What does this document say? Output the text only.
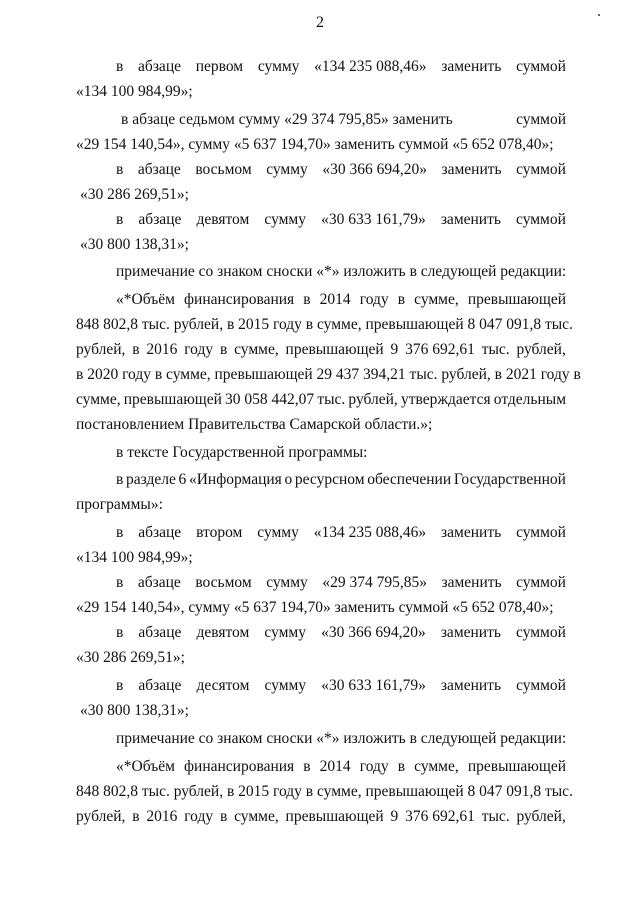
2
в абзаце первом сумму «134 235 088,46» заменить суммой
«134 100 984,99»;
в абзаце седьмом сумму «29 374 795,85» заменить	суммой
«29 154 140,54», сумму «5 637 194,70» заменить суммой «5 652 078,40»;
в абзаце восьмом сумму «30 366 694,20» заменить суммой
«30 286 269,51»;
в абзаце девятом сумму «30 633 161,79» заменить суммой
«30 800 138,31»;
примечание со знаком сноски «*» изложить в следующей редакции:
«*Объём финансирования в 2014 году в сумме, превышающей
848 802,8 тыс. рублей, в 2015 году в сумме, превышающей 8 047 091,8 тыс.
рублей, в 2016 году в сумме, превышающей 9 376 692,61 тыс. рублей,
в 2020 году в сумме, превышающей 29 437 394,21 тыс. рублей, в 2021 году в
сумме, превышающей 30 058 442,07 тыс. рублей, утверждается отдельным
постановлением Правительства Самарской области.»;
в тексте Государственной программы:
в разделе 6 «Информация о ресурсном обеспечении Государственной
программы»:
в абзаце втором сумму «134 235 088,46» заменить суммой
«134 100 984,99»;
в абзаце восьмом сумму «29 374 795,85» заменить суммой
«29 154 140,54», сумму «5 637 194,70» заменить суммой «5 652 078,40»;
в абзаце девятом сумму «30 366 694,20» заменить суммой
«30 286 269,51»;
в абзаце десятом сумму «30 633 161,79» заменить суммой
«30 800 138,31»;
примечание со знаком сноски «*» изложить в следующей редакции:
«*Объём финансирования в 2014 году в сумме, превышающей
848 802,8 тыс. рублей, в 2015 году в сумме, превышающей 8 047 091,8 тыс.
рублей, в 2016 году в сумме, превышающей 9 376 692,61 тыс. рублей,
